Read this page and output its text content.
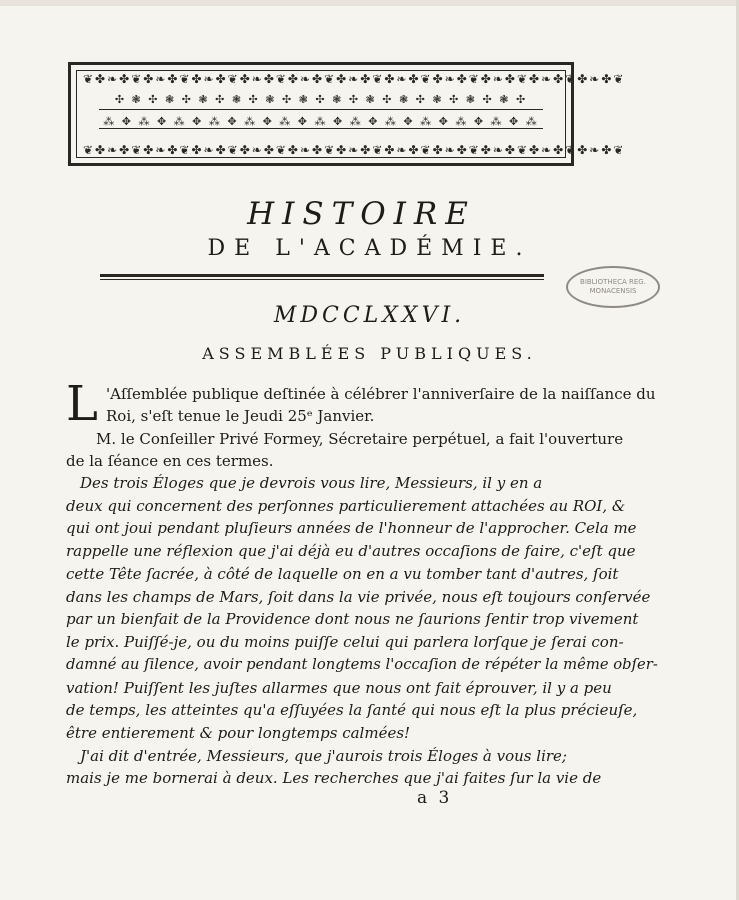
❦✤❧✤❦✤❧✤❦✤❧✤❦✤❧✤❦✤❧✤❦✤❧✤❦✤❧✤❦✤❧✤❦✤❧✤❦✤❧✤❦✤❧✤❦
✣ ❃ ✣ ❃ ✣ ❃ ✣ ❃ ✣ ❃ ✣ ❃ ✣ ❃ ✣ ❃ ✣ ❃ ✣ ❃ ✣ ❃ ✣ ❃ ✣
⁂ ✥ ⁂ ✥ ⁂ ✥ ⁂ ✥ ⁂ ✥ ⁂ ✥ ⁂ ✥ ⁂ ✥ ⁂ ✥ ⁂ ✥ ⁂ ✥ ⁂ ✥ ⁂
❦✤❧✤❦✤❧✤❦✤❧✤❦✤❧✤❦✤❧✤❦✤❧✤❦✤❧✤❦✤❧✤❦✤❧✤❦✤❧✤❦✤❧✤❦
HISTOIRE
DE L'ACADÉMIE.
BIBLIOTHECA REG. MONACENSIS
MDCCLXXVI.
ASSEMBLÉES PUBLIQUES.
L 'Aſſemblée publique deſtinée à célébrer l'anniverſaire de la naiſſance du
Roi, s'eſt tenue le Jeudi 25ᵉ Janvier.
M. le Conſeiller Privé Formey, Sécretaire perpétuel, a fait l'ouverture
de la ſéance en ces termes.
Des trois Éloges que je devrois vous lire, Messieurs, il y en a
deux qui concernent des perſonnes particulierement attachées au ROI, &
qui ont joui pendant pluſieurs années de l'honneur de l'approcher. Cela me
rappelle une réflexion que j'ai déjà eu d'autres occaſions de faire, c'eſt que
cette Tête ſacrée, à côté de laquelle on en a vu tomber tant d'autres, ſoit
dans les champs de Mars, ſoit dans la vie privée, nous eſt toujours conſervée
par un bienfait de la Providence dont nous ne ſaurions ſentir trop vivement
le prix. Puiſſé-je, ou du moins puiſſe celui qui parlera lorſque je ſerai con-
damné au ſilence, avoir pendant longtems l'occaſion de répéter la même obſer-
vation! Puiſſent les juſtes allarmes que nous ont fait éprouver, il y a peu
de temps, les atteintes qu'a eſſuyées la ſanté qui nous eſt la plus précieuſe,
être entierement & pour longtemps calmées!
J'ai dit d'entrée, Messieurs, que j'aurois trois Éloges à vous lire;
mais je me bornerai à deux. Les recherches que j'ai faites ſur la vie de
a 3
